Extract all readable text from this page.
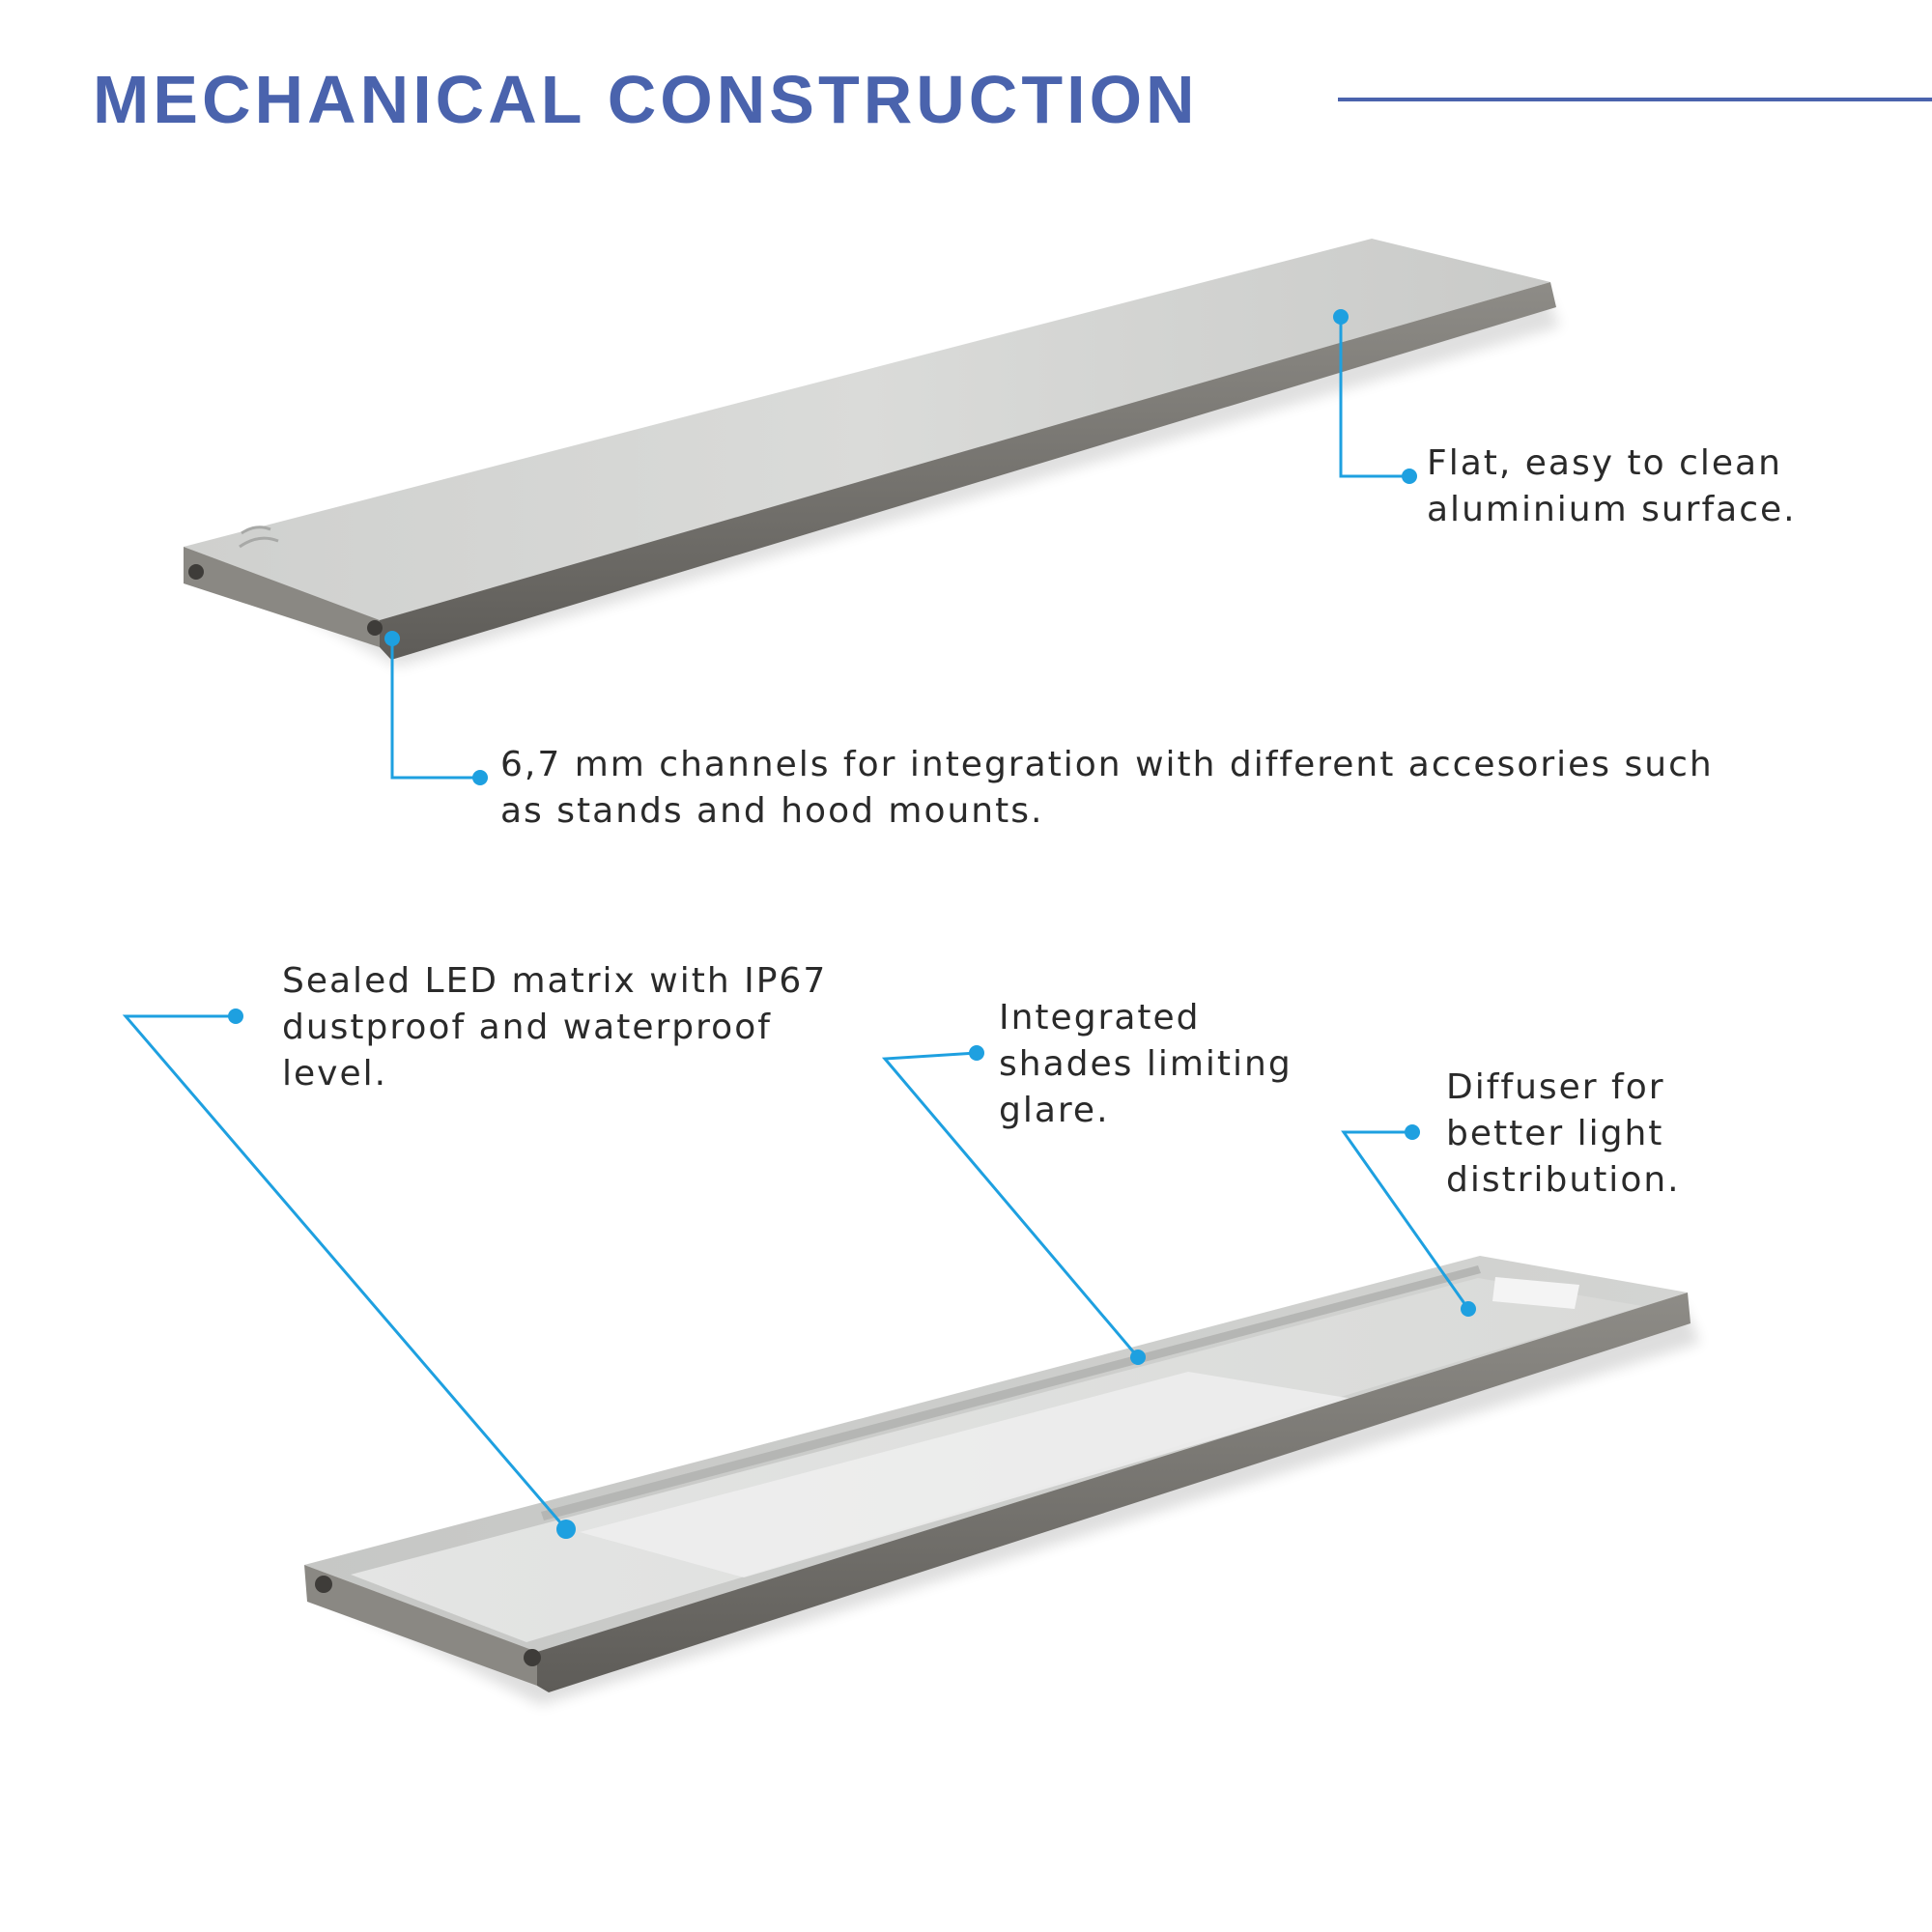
MECHANICAL CONSTRUCTION

Flat, easy to clean
aluminium surface.

6,7 mm channels for integration with different accesories such
as stands and hood mounts.

Sealed LED matrix with IP67
dustproof and waterproof
level.

Integrated
shades limiting
glare.

Diffuser for
better light
distribution.
